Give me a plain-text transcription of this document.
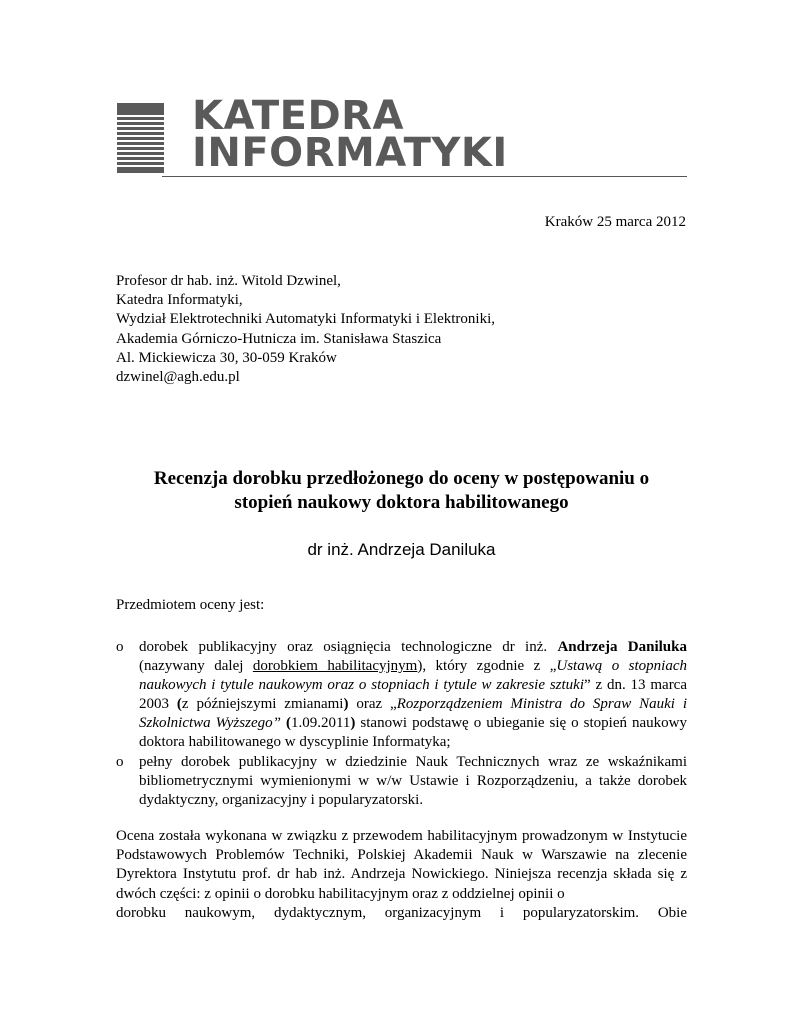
KATEDRA
INFORMATYKI
Kraków 25 marca 2012
Profesor dr hab. inż. Witold Dzwinel,
Katedra Informatyki,
Wydział Elektrotechniki Automatyki Informatyki i Elektroniki,
Akademia Górniczo-Hutnicza im. Stanisława Staszica
Al. Mickiewicza 30, 30-059 Kraków
dzwinel@agh.edu.pl
Recenzja dorobku przedłożonego do oceny w postępowaniu o
stopień naukowy doktora habilitowanego
dr inż. Andrzeja Daniluka
Przedmiotem oceny jest:
o dorobek publikacyjny oraz osiągnięcia technologiczne dr inż. Andrzeja Daniluka (nazywany dalej dorobkiem habilitacyjnym), który zgodnie z „Ustawą o stopniach naukowych i tytule naukowym oraz o stopniach i tytule w zakresie sztuki” z dn. 13 marca 2003 (z późniejszymi zmianami) oraz „Rozporządzeniem Ministra do Spraw Nauki i Szkolnictwa Wyższego” (1.09.2011) stanowi podstawę o ubieganie się o stopień naukowy doktora habilitowanego w dyscyplinie Informatyka;
o pełny dorobek publikacyjny w dziedzinie Nauk Technicznych wraz ze wskaźnikami bibliometrycznymi wymienionymi w w/w Ustawie i Rozporządzeniu, a także dorobek dydaktyczny, organizacyjny i popularyzatorski.
Ocena została wykonana w związku z przewodem habilitacyjnym prowadzonym w Instytucie Podstawowych Problemów Techniki, Polskiej Akademii Nauk w Warszawie na zlecenie Dyrektora Instytutu prof. dr hab inż. Andrzeja Nowickiego. Niniejsza recenzja składa się z dwóch części: z opinii o dorobku habilitacyjnym oraz z oddzielnej opinii o
dorobku naukowym, dydaktycznym, organizacyjnym i popularyzatorskim. Obie
